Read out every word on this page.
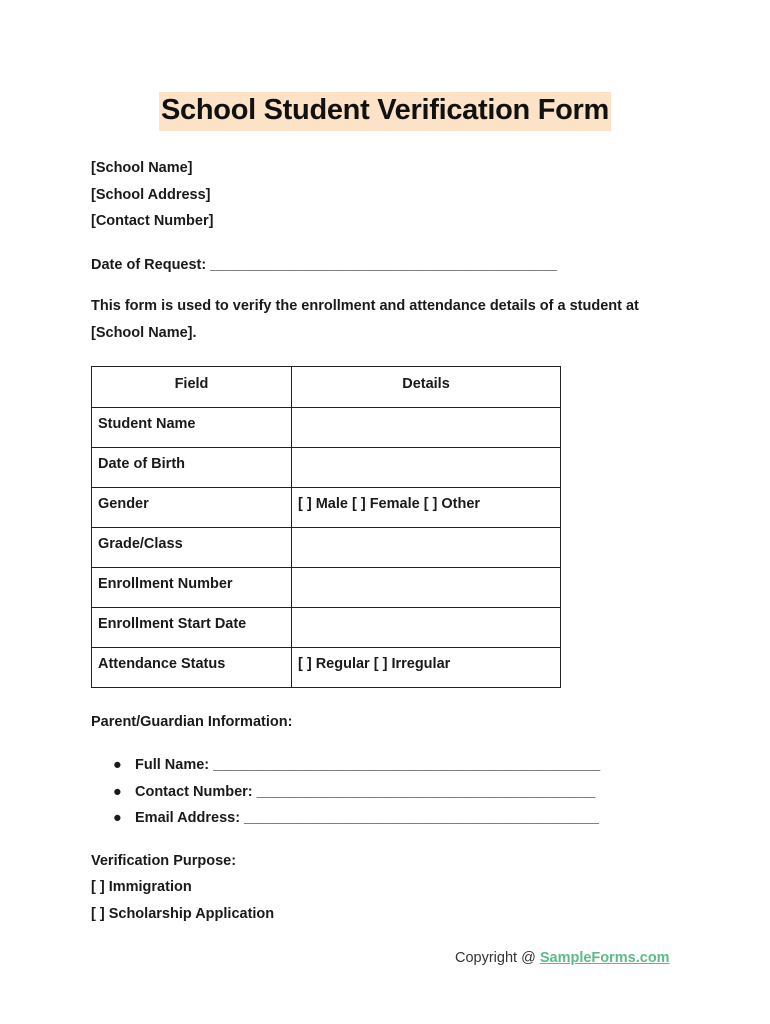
School Student Verification Form
[School Name]
[School Address]
[Contact Number]
Date of Request: ___________________________________________
This form is used to verify the enrollment and attendance details of a student at
[School Name].
Field	Details
Student Name	
Date of Birth	
Gender	[ ] Male [ ] Female [ ] Other
Grade/Class	
Enrollment Number	
Enrollment Start Date	
Attendance Status	[ ] Regular [ ] Irregular
Parent/Guardian Information:
● Full Name: ________________________________________________
● Contact Number: __________________________________________
● Email Address: ____________________________________________
Verification Purpose:
[ ] Immigration
[ ] Scholarship Application
Copyright @ SampleForms.com
